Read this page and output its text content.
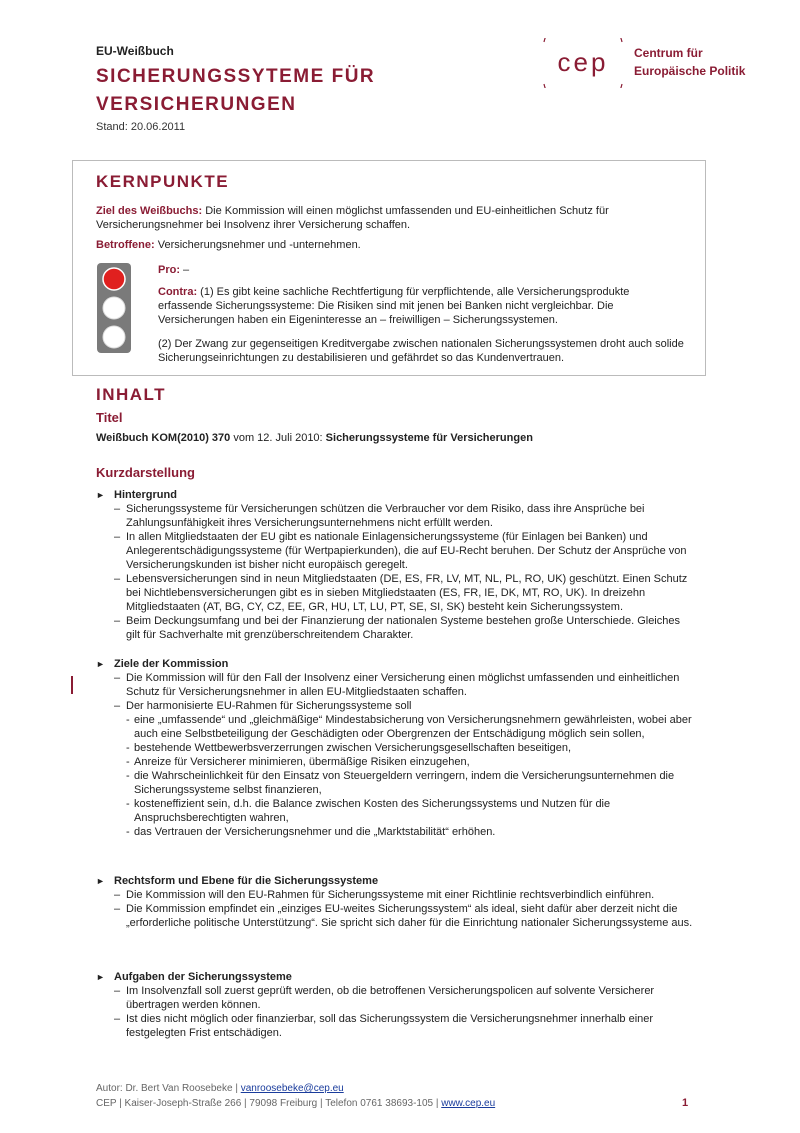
EU-Weißbuch
SICHERUNGSSYTEME FÜR VERSICHERUNGEN
Stand: 20.06.2011
cep Centrum für
Europäische Politik
KERNPUNKTE
Ziel des Weißbuchs: Die Kommission will einen möglichst umfassenden und EU-einheitlichen Schutz für Versicherungsnehmer bei Insolvenz ihrer Versicherung schaffen.
Betroffene: Versicherungsnehmer und -unternehmen.
Pro: –
Contra: (1) Es gibt keine sachliche Rechtfertigung für verpflichtende, alle Versicherungsprodukte erfassende Sicherungssysteme: Die Risiken sind mit jenen bei Banken nicht vergleichbar. Die Versicherungen haben ein Eigeninteresse an – freiwilligen – Sicherungssystemen.
(2) Der Zwang zur gegenseitigen Kreditvergabe zwischen nationalen Sicherungssystemen droht auch solide Sicherungseinrichtungen zu destabilisieren und gefährdet so das Kundenvertrauen.
INHALT
Titel
Weißbuch KOM(2010) 370 vom 12. Juli 2010: Sicherungssysteme für Versicherungen
Kurzdarstellung
► Hintergrund
– Sicherungssysteme für Versicherungen schützen die Verbraucher vor dem Risiko, dass ihre Ansprüche bei Zahlungsunfähigkeit ihres Versicherungsunternehmens nicht erfüllt werden.
– In allen Mitgliedstaaten der EU gibt es nationale Einlagensicherungssysteme (für Einlagen bei Banken) und Anlegerentschädigungssysteme (für Wertpapierkunden), die auf EU-Recht beruhen. Der Schutz der Ansprüche von Versicherungskunden ist bisher nicht europäisch geregelt.
– Lebensversicherungen sind in neun Mitgliedstaaten (DE, ES, FR, LV, MT, NL, PL, RO, UK) geschützt. Einen Schutz bei Nichtlebensversicherungen gibt es in sieben Mitgliedstaaten (ES, FR, IE, DK, MT, RO, UK). In dreizehn Mitgliedstaaten (AT, BG, CY, CZ, EE, GR, HU, LT, LU, PT, SE, SI, SK) besteht kein Sicherungssystem.
– Beim Deckungsumfang und bei der Finanzierung der nationalen Systeme bestehen große Unterschiede. Gleiches gilt für Sachverhalte mit grenzüberschreitendem Charakter.
► Ziele der Kommission
– Die Kommission will für den Fall der Insolvenz einer Versicherung einen möglichst umfassenden und einheitlichen Schutz für Versicherungsnehmer in allen EU-Mitgliedstaaten schaffen.
– Der harmonisierte EU-Rahmen für Sicherungssysteme soll
- eine „umfassende“ und „gleichmäßige“ Mindestabsicherung von Versicherungsnehmern gewährleisten, wobei aber auch eine Selbstbeteiligung der Geschädigten oder Obergrenzen der Entschädigung möglich sein sollen,
- bestehende Wettbewerbsverzerrungen zwischen Versicherungsgesellschaften beseitigen,
- Anreize für Versicherer minimieren, übermäßige Risiken einzugehen,
- die Wahrscheinlichkeit für den Einsatz von Steuergeldern verringern, indem die Versicherungsunternehmen die Sicherungssysteme selbst finanzieren,
- kosteneffizient sein, d.h. die Balance zwischen Kosten des Sicherungssystems und Nutzen für die Anspruchsberechtigten wahren,
- das Vertrauen der Versicherungsnehmer und die „Marktstabilität“ erhöhen.
► Rechtsform und Ebene für die Sicherungssysteme
– Die Kommission will den EU-Rahmen für Sicherungssysteme mit einer Richtlinie rechtsverbindlich einführen.
– Die Kommission empfindet ein „einziges EU-weites Sicherungssystem“ als ideal, sieht dafür aber derzeit nicht die „erforderliche politische Unterstützung“. Sie spricht sich daher für die Einrichtung nationaler Sicherungssysteme aus.
► Aufgaben der Sicherungssysteme
– Im Insolvenzfall soll zuerst geprüft werden, ob die betroffenen Versicherungspolicen auf solvente Versicherer übertragen werden können.
– Ist dies nicht möglich oder finanzierbar, soll das Sicherungssystem die Versicherungsnehmer innerhalb einer festgelegten Frist entschädigen.
Autor: Dr. Bert Van Roosebeke | vanroosebeke@cep.eu
CEP | Kaiser-Joseph-Straße 266 | 79098 Freiburg | Telefon 0761 38693-105 | www.cep.eu	1
